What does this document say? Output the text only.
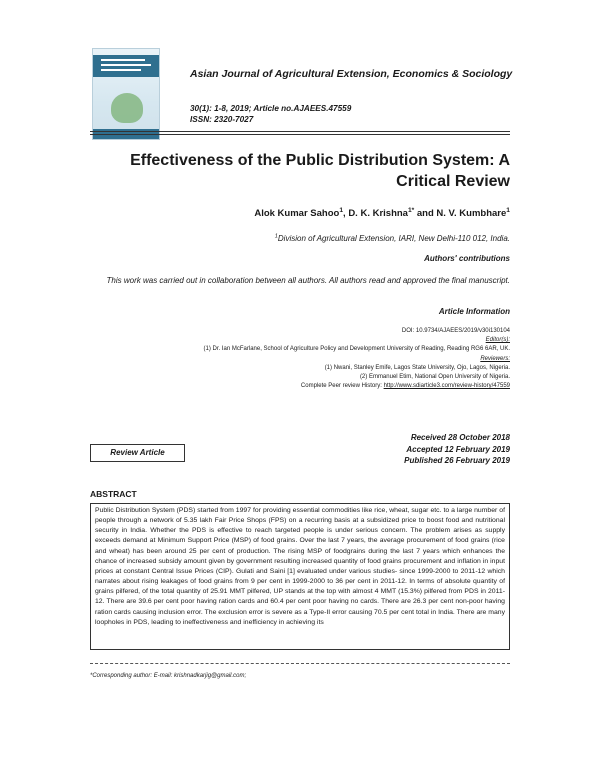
Asian Journal of Agricultural Extension, Economics & Sociology
30(1): 1-8, 2019; Article no.AJAEES.47559
ISSN: 2320-7027
Effectiveness of the Public Distribution System: A Critical Review
Alok Kumar Sahoo$^1$, D. K. Krishna$^{1*}$ and N. V. Kumbhare$^1$
$^1$Division of Agricultural Extension, IARI, New Delhi-110 012, India.
Authors' contributions
This work was carried out in collaboration between all authors. All authors read and approved the final manuscript.
Article Information
DOI: 10.9734/AJAEES/2019/v30i130104
Editor(s):
(1) Dr. Ian McFarlane, School of Agriculture Policy and Development University of Reading, Reading RG6 6AR, UK.
Reviewers:
(1) Nwani, Stanley Emife, Lagos State University, Ojo, Lagos, Nigeria.
(2) Emmanuel Etim, National Open University of Nigeria.
Complete Peer review History: http://www.sdiarticle3.com/review-history/47559
Review Article
Received 28 October 2018
Accepted 12 February 2019
Published 26 February 2019
ABSTRACT

Public Distribution System (PDS) started from 1997 for providing essential commodities like rice, wheat, sugar etc. to a large number of people through a network of 5.35 lakh Fair Price Shops (FPS) on a recurring basis at a subsidized price to boost food and nutritional security in India. Whether the PDS is effective to reach targeted people is under serious concern. The problem arises as supply exceeds demand at Minimum Support Price (MSP) of food grains. Over the last 7 years, the average procurement of food grains (rice and wheat) has been around 25 per cent of production. The rising MSP of foodgrains during the last 7 years which enhances the chance of increased subsidy amount given by government resulting increased quantity of food grains procurement and inflation in input prices at constant Central Issue Prices (CIP). Gulati and Saini [1] evaluated under various studies- since 1999-2000 to 2011-12 which narrates about rising leakages of food grains from 9 per cent in 1999-2000 to 36 per cent in 2011-12. In terms of absolute quantity of grains pilfered, of the total quantity of 25.91 MMT pilfered, UP stands at the top with almost 4 MMT (15.3%) pilfered from PDS in 2011-12. There are 39.6 per cent poor having ration cards and 60.4 per cent poor having no cards. There are 26.3 per cent non-poor having ration cards causing inclusion error. The exclusion error is severe as a Type-II error causing 70.5 per cent total in India. There are many loopholes in PDS, leading to ineffectiveness and inefficiency in achieving its

*Corresponding author: E-mail: krishnadkarjig@gmail.com;
